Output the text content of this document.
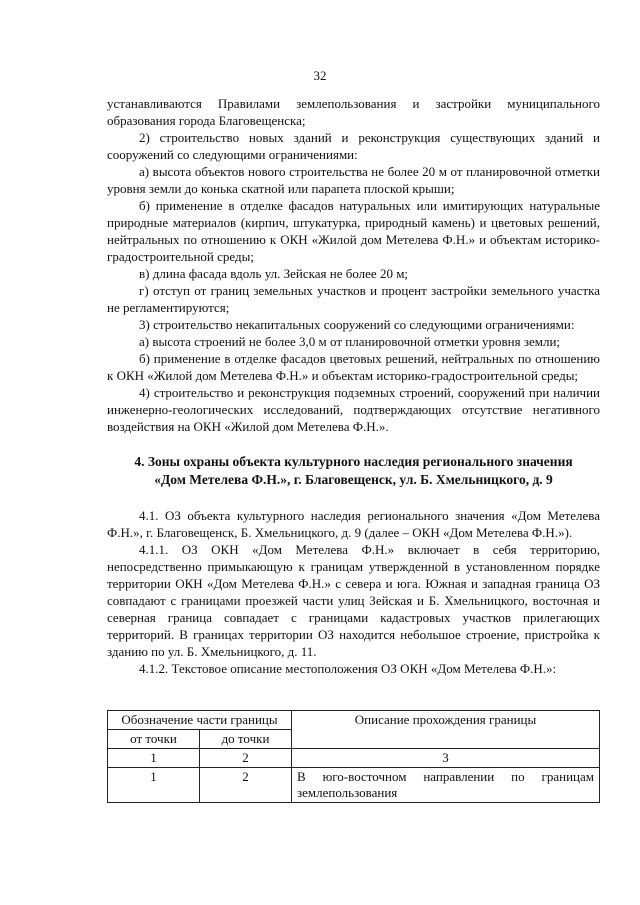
32

устанавливаются Правилами землепользования и застройки муниципального образования города Благовещенска;

2) строительство новых зданий и реконструкция существующих зданий и сооружений со следующими ограничениями:

а) высота объектов нового строительства не более 20 м от планировочной отметки уровня земли до конька скатной или парапета плоской крыши;

б) применение в отделке фасадов натуральных или имитирующих натуральные природные материалов (кирпич, штукатурка, природный камень) и цветовых решений, нейтральных по отношению к ОКН «Жилой дом Метелева Ф.Н.» и объектам историко-градостроительной среды;

в) длина фасада вдоль ул. Зейская не более 20 м;

г) отступ от границ земельных участков и процент застройки земельного участка не регламентируются;

3) строительство некапитальных сооружений со следующими ограничениями:

а) высота строений не более 3,0 м от планировочной отметки уровня земли;

б) применение в отделке фасадов цветовых решений, нейтральных по отношению к ОКН «Жилой дом Метелева Ф.Н.» и объектам историко-градостроительной среды;

4) строительство и реконструкция подземных строений, сооружений при наличии инженерно-геологических исследований, подтверждающих отсутствие негативного воздействия на ОКН «Жилой дом Метелева Ф.Н.».

4. Зоны охраны объекта культурного наследия регионального значения «Дом Метелева Ф.Н.», г. Благовещенск, ул. Б. Хмельницкого, д. 9

4.1. ОЗ объекта культурного наследия регионального значения «Дом Метелева Ф.Н.», г. Благовещенск, Б. Хмельницкого, д. 9 (далее – ОКН «Дом Метелева Ф.Н.»).

4.1.1. ОЗ ОКН «Дом Метелева Ф.Н.» включает в себя территорию, непосредственно примыкающую к границам утвержденной в установленном порядке территории ОКН «Дом Метелева Ф.Н.» с севера и юга. Южная и западная граница ОЗ совпадают с границами проезжей части улиц Зейская и Б. Хмельницкого, восточная и северная граница совпадает с границами кадастровых участков прилегающих территорий. В границах территории ОЗ находится небольшое строение, пристройка к зданию по ул. Б. Хмельницкого, д. 11.

4.1.2. Текстовое описание местоположения ОЗ ОКН «Дом Метелева Ф.Н.»:

Обозначение части границы		Описание прохождения границы
от точки	до точки	
1	2	3
1	2	В юго-восточном направлении по границам землепользования
